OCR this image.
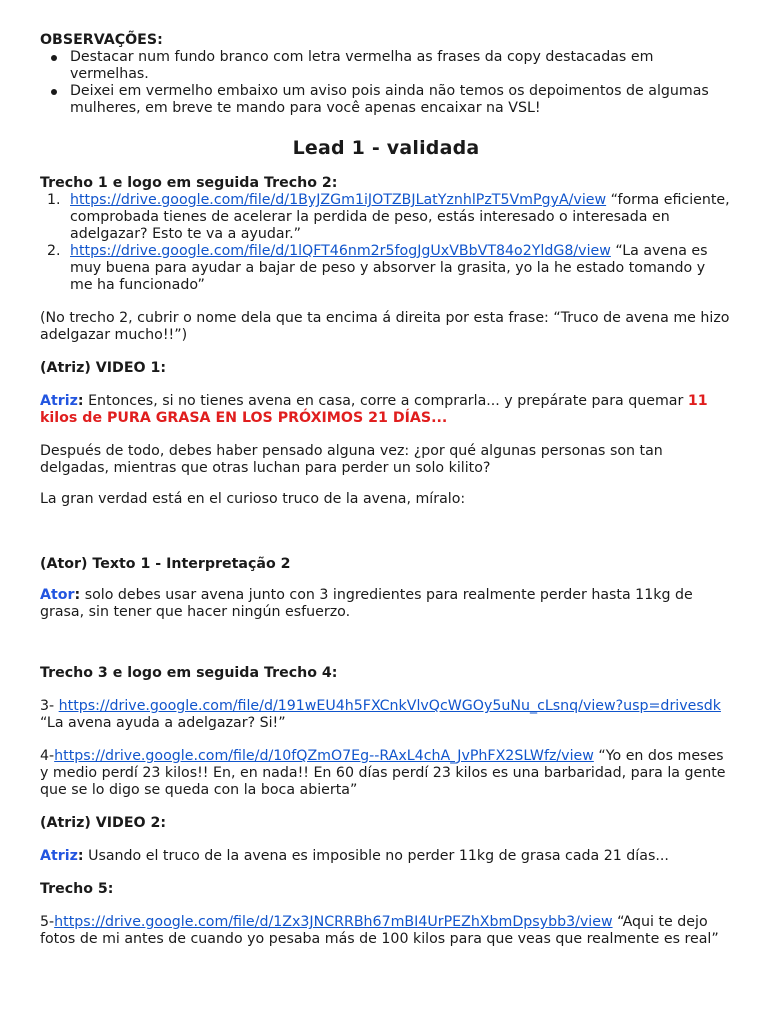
OBSERVAÇÕES:
Destacar num fundo branco com letra vermelha as frases da copy destacadas em vermelhas.
Deixei em vermelho embaixo um aviso pois ainda não temos os depoimentos de algumas mulheres, em breve te mando para você apenas encaixar na VSL!
Lead 1 - validada
Trecho 1 e logo em seguida Trecho 2:
1. https://drive.google.com/file/d/1ByJZGm1iJOTZBJLatYznhlPzT5VmPgyA/view “forma eficiente, comprobada tienes de acelerar la perdida de peso, estás interesado o interesada en adelgazar? Esto te va a ayudar.”
2. https://drive.google.com/file/d/1lQFT46nm2r5fogJgUxVBbVT84o2YldG8/view “La avena es muy buena para ayudar a bajar de peso y absorver la grasita, yo la he estado tomando y me ha funcionado”

(No trecho 2, cubrir o nome dela que ta encima á direita por esta frase: “Truco de avena me hizo adelgazar mucho!!”)

(Atriz) VIDEO 1:

Atriz: Entonces, si no tienes avena en casa, corre a comprarla... y prepárate para quemar 11 kilos de PURA GRASA EN LOS PRÓXIMOS 21 DÍAS...

Después de todo, debes haber pensado alguna vez: ¿por qué algunas personas son tan delgadas, mientras que otras luchan para perder un solo kilito?

La gran verdad está en el curioso truco de la avena, míralo:

(Ator) Texto 1 - Interpretação 2

Ator: solo debes usar avena junto con 3 ingredientes para realmente perder hasta 11kg de grasa, sin tener que hacer ningún esfuerzo.

Trecho 3 e logo em seguida Trecho 4:

3- https://drive.google.com/file/d/191wEU4h5FXCnkVlvQcWGOy5uNu_cLsnq/view?usp=drivesdk
“La avena ayuda a adelgazar? Si!”

4-https://drive.google.com/file/d/10fQZmO7Eg--RAxL4chA_JvPhFX2SLWfz/view “Yo en dos meses y medio perdí 23 kilos!! En, en nada!! En 60 días perdí 23 kilos es una barbaridad, para la gente que se lo digo se queda con la boca abierta”

(Atriz) VIDEO 2:

Atriz: Usando el truco de la avena es imposible no perder 11kg de grasa cada 21 días...

Trecho 5:

5-https://drive.google.com/file/d/1Zx3JNCRRBh67mBI4UrPEZhXbmDpsybb3/view “Aqui te dejo fotos de mi antes de cuando yo pesaba más de 100 kilos para que veas que realmente es real”
